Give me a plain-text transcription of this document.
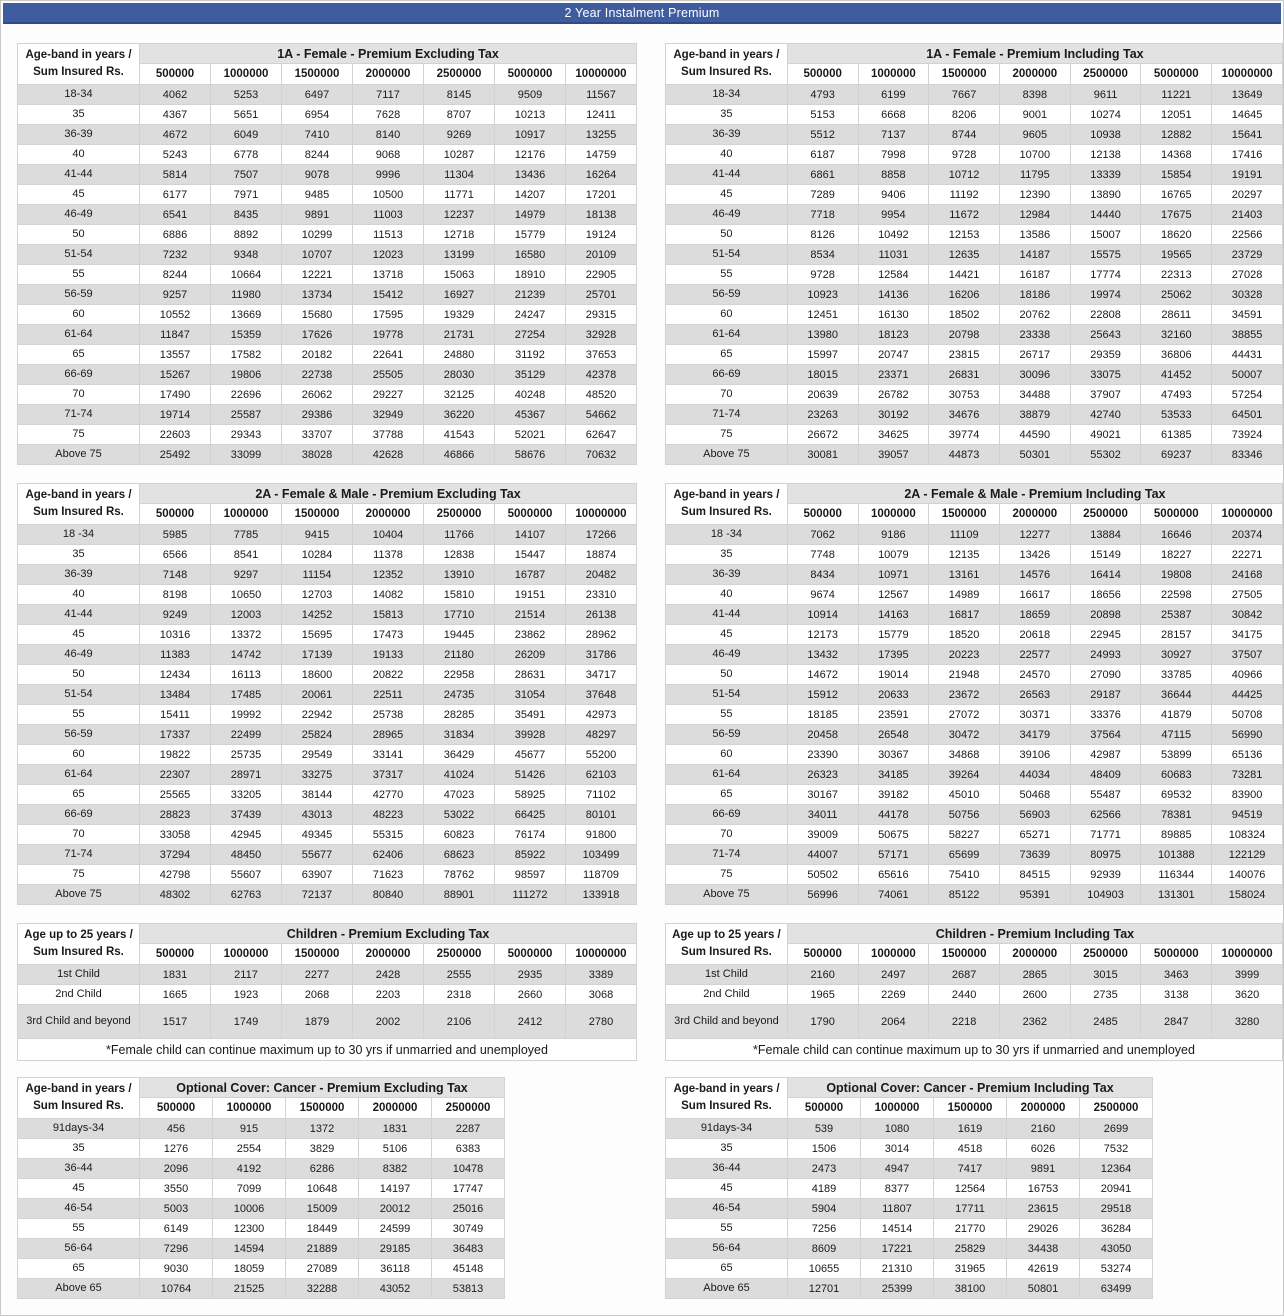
2 Year Instalment Premium
Age-band in years /
Sum Insured Rs.	1A - Female - Premium Excluding Tax						
	500000	1000000	1500000	2000000	2500000	5000000	10000000
18-34	4062	5253	6497	7117	8145	9509	11567
35	4367	5651	6954	7628	8707	10213	12411
36-39	4672	6049	7410	8140	9269	10917	13255
40	5243	6778	8244	9068	10287	12176	14759
41-44	5814	7507	9078	9996	11304	13436	16264
45	6177	7971	9485	10500	11771	14207	17201
46-49	6541	8435	9891	11003	12237	14979	18138
50	6886	8892	10299	11513	12718	15779	19124
51-54	7232	9348	10707	12023	13199	16580	20109
55	8244	10664	12221	13718	15063	18910	22905
56-59	9257	11980	13734	15412	16927	21239	25701
60	10552	13669	15680	17595	19329	24247	29315
61-64	11847	15359	17626	19778	21731	27254	32928
65	13557	17582	20182	22641	24880	31192	37653
66-69	15267	19806	22738	25505	28030	35129	42378
70	17490	22696	26062	29227	32125	40248	48520
71-74	19714	25587	29386	32949	36220	45367	54662
75	22603	29343	33707	37788	41543	52021	62647
Above 75	25492	33099	38028	42628	46866	58676	70632
Age-band in years /
Sum Insured Rs.	1A - Female - Premium Including Tax						
	500000	1000000	1500000	2000000	2500000	5000000	10000000
18-34	4793	6199	7667	8398	9611	11221	13649
35	5153	6668	8206	9001	10274	12051	14645
36-39	5512	7137	8744	9605	10938	12882	15641
40	6187	7998	9728	10700	12138	14368	17416
41-44	6861	8858	10712	11795	13339	15854	19191
45	7289	9406	11192	12390	13890	16765	20297
46-49	7718	9954	11672	12984	14440	17675	21403
50	8126	10492	12153	13586	15007	18620	22566
51-54	8534	11031	12635	14187	15575	19565	23729
55	9728	12584	14421	16187	17774	22313	27028
56-59	10923	14136	16206	18186	19974	25062	30328
60	12451	16130	18502	20762	22808	28611	34591
61-64	13980	18123	20798	23338	25643	32160	38855
65	15997	20747	23815	26717	29359	36806	44431
66-69	18015	23371	26831	30096	33075	41452	50007
70	20639	26782	30753	34488	37907	47493	57254
71-74	23263	30192	34676	38879	42740	53533	64501
75	26672	34625	39774	44590	49021	61385	73924
Above 75	30081	39057	44873	50301	55302	69237	83346
Age-band in years /
Sum Insured Rs.	2A - Female & Male - Premium Excluding Tax						
	500000	1000000	1500000	2000000	2500000	5000000	10000000
18 -34	5985	7785	9415	10404	11766	14107	17266
35	6566	8541	10284	11378	12838	15447	18874
36-39	7148	9297	11154	12352	13910	16787	20482
40	8198	10650	12703	14082	15810	19151	23310
41-44	9249	12003	14252	15813	17710	21514	26138
45	10316	13372	15695	17473	19445	23862	28962
46-49	11383	14742	17139	19133	21180	26209	31786
50	12434	16113	18600	20822	22958	28631	34717
51-54	13484	17485	20061	22511	24735	31054	37648
55	15411	19992	22942	25738	28285	35491	42973
56-59	17337	22499	25824	28965	31834	39928	48297
60	19822	25735	29549	33141	36429	45677	55200
61-64	22307	28971	33275	37317	41024	51426	62103
65	25565	33205	38144	42770	47023	58925	71102
66-69	28823	37439	43013	48223	53022	66425	80101
70	33058	42945	49345	55315	60823	76174	91800
71-74	37294	48450	55677	62406	68623	85922	103499
75	42798	55607	63907	71623	78762	98597	118709
Above 75	48302	62763	72137	80840	88901	111272	133918
Age-band in years /
Sum Insured Rs.	2A - Female & Male - Premium Including Tax						
	500000	1000000	1500000	2000000	2500000	5000000	10000000
18 -34	7062	9186	11109	12277	13884	16646	20374
35	7748	10079	12135	13426	15149	18227	22271
36-39	8434	10971	13161	14576	16414	19808	24168
40	9674	12567	14989	16617	18656	22598	27505
41-44	10914	14163	16817	18659	20898	25387	30842
45	12173	15779	18520	20618	22945	28157	34175
46-49	13432	17395	20223	22577	24993	30927	37507
50	14672	19014	21948	24570	27090	33785	40966
51-54	15912	20633	23672	26563	29187	36644	44425
55	18185	23591	27072	30371	33376	41879	50708
56-59	20458	26548	30472	34179	37564	47115	56990
60	23390	30367	34868	39106	42987	53899	65136
61-64	26323	34185	39264	44034	48409	60683	73281
65	30167	39182	45010	50468	55487	69532	83900
66-69	34011	44178	50756	56903	62566	78381	94519
70	39009	50675	58227	65271	71771	89885	108324
71-74	44007	57171	65699	73639	80975	101388	122129
75	50502	65616	75410	84515	92939	116344	140076
Above 75	56996	74061	85122	95391	104903	131301	158024
Age up to 25 years /
Sum Insured Rs.	Children - Premium Excluding Tax						
	500000	1000000	1500000	2000000	2500000	5000000	10000000
1st Child	1831	2117	2277	2428	2555	2935	3389
2nd Child	1665	1923	2068	2203	2318	2660	3068
3rd Child and beyond	1517	1749	1879	2002	2106	2412	2780
*Female child can continue maximum up to 30 yrs if unmarried and unemployed							
Age up to 25 years /
Sum Insured Rs.	Children - Premium Including Tax						
	500000	1000000	1500000	2000000	2500000	5000000	10000000
1st Child	2160	2497	2687	2865	3015	3463	3999
2nd Child	1965	2269	2440	2600	2735	3138	3620
3rd Child and beyond	1790	2064	2218	2362	2485	2847	3280
*Female child can continue maximum up to 30 yrs if unmarried and unemployed							
Age-band in years /
Sum Insured Rs.	Optional Cover: Cancer - Premium Excluding Tax				
	500000	1000000	1500000	2000000	2500000
91days-34	456	915	1372	1831	2287
35	1276	2554	3829	5106	6383
36-44	2096	4192	6286	8382	10478
45	3550	7099	10648	14197	17747
46-54	5003	10006	15009	20012	25016
55	6149	12300	18449	24599	30749
56-64	7296	14594	21889	29185	36483
65	9030	18059	27089	36118	45148
Above 65	10764	21525	32288	43052	53813
Age-band in years /
Sum Insured Rs.	Optional Cover: Cancer - Premium Including Tax				
	500000	1000000	1500000	2000000	2500000
91days-34	539	1080	1619	2160	2699
35	1506	3014	4518	6026	7532
36-44	2473	4947	7417	9891	12364
45	4189	8377	12564	16753	20941
46-54	5904	11807	17711	23615	29518
55	7256	14514	21770	29026	36284
56-64	8609	17221	25829	34438	43050
65	10655	21310	31965	42619	53274
Above 65	12701	25399	38100	50801	63499
